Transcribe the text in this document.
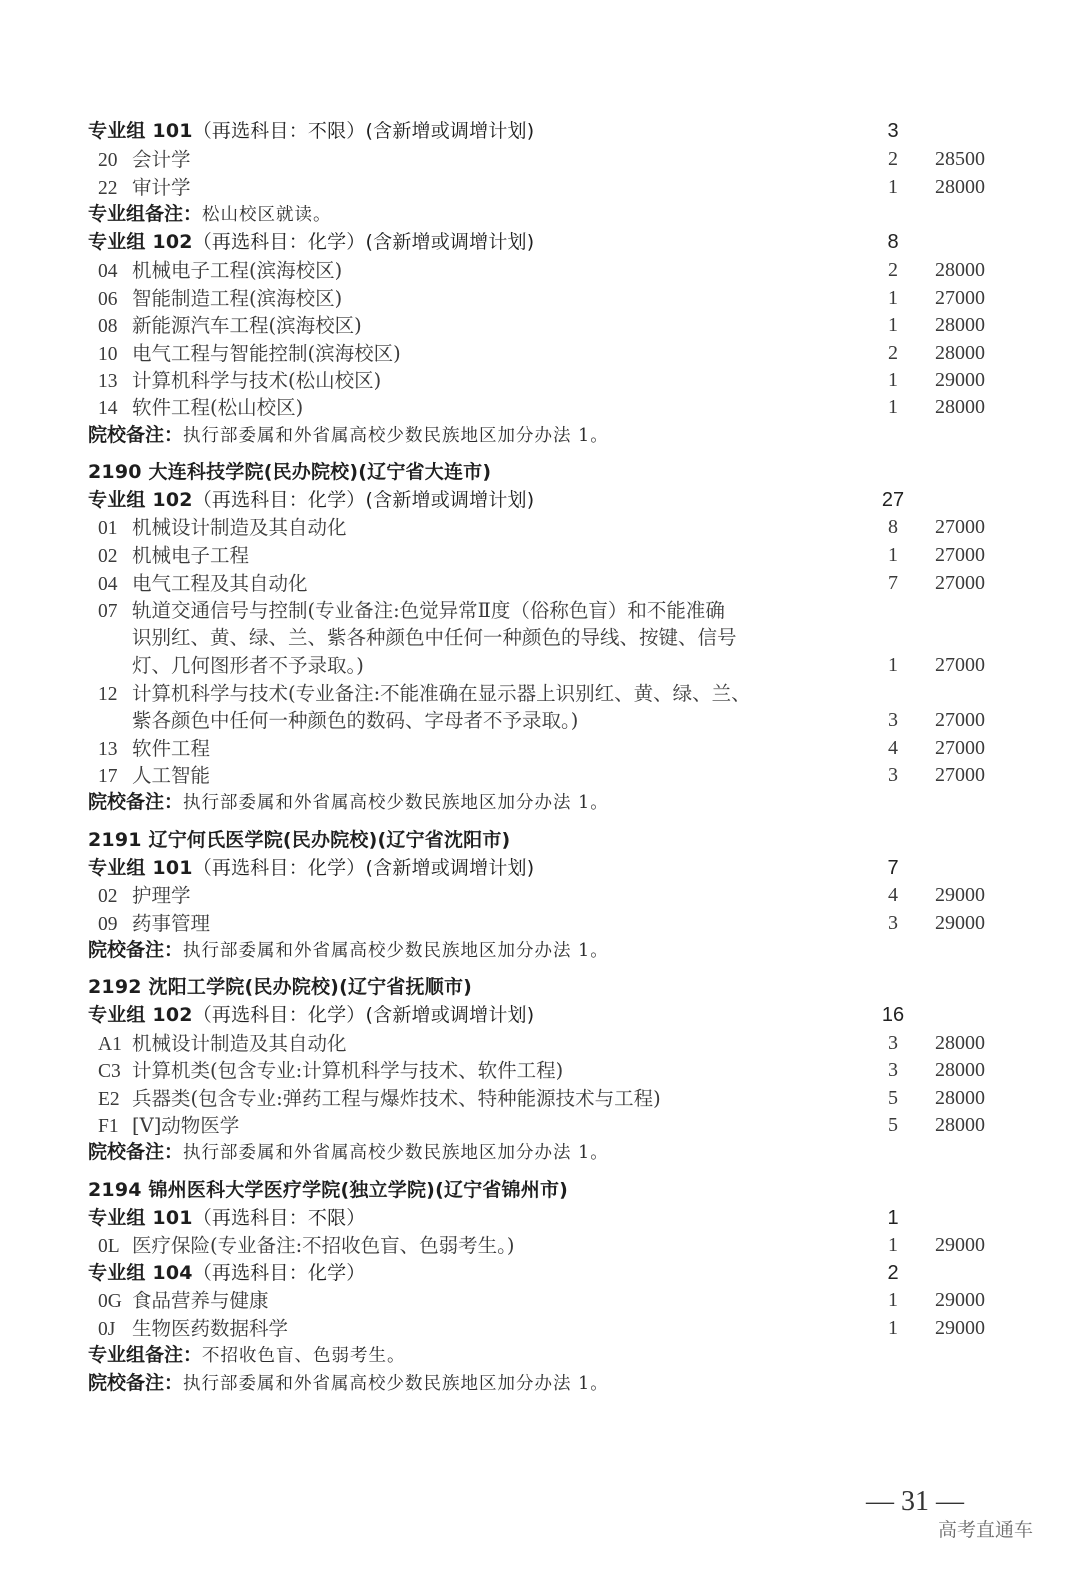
专业组 101（再选科目：不限）(含新增或调增计划)	3
20 会计学	2	28500
22 审计学	1	28000
专业组备注：松山校区就读。
专业组 102（再选科目：化学）(含新增或调增计划)	8
04 机械电子工程(滨海校区)	2	28000
06 智能制造工程(滨海校区)	1	27000
08 新能源汽车工程(滨海校区)	1	28000
10 电气工程与智能控制(滨海校区)	2	28000
13 计算机科学与技术(松山校区)	1	29000
14 软件工程(松山校区)	1	28000
院校备注：执行部委属和外省属高校少数民族地区加分办法 1。
2190 大连科技学院(民办院校)(辽宁省大连市)
专业组 102（再选科目：化学）(含新增或调增计划)	27
01 机械设计制造及其自动化	8	27000
02 机械电子工程	1	27000
04 电气工程及其自动化	7	27000
07 轨道交通信号与控制(专业备注:色觉异常Ⅱ度（俗称色盲）和不能准确
识别红、黄、绿、兰、紫各种颜色中任何一种颜色的导线、按键、信号
灯、几何图形者不予录取。)	1	27000
12 计算机科学与技术(专业备注:不能准确在显示器上识别红、黄、绿、兰、
紫各颜色中任何一种颜色的数码、字母者不予录取。)	3	27000
13 软件工程	4	27000
17 人工智能	3	27000
院校备注：执行部委属和外省属高校少数民族地区加分办法 1。
2191 辽宁何氏医学院(民办院校)(辽宁省沈阳市)
专业组 101（再选科目：化学）(含新增或调增计划)	7
02 护理学	4	29000
09 药事管理	3	29000
院校备注：执行部委属和外省属高校少数民族地区加分办法 1。
2192 沈阳工学院(民办院校)(辽宁省抚顺市)
专业组 102（再选科目：化学）(含新增或调增计划)	16
A1 机械设计制造及其自动化	3	28000
C3 计算机类(包含专业:计算机科学与技术、软件工程)	3	28000
E2 兵器类(包含专业:弹药工程与爆炸技术、特种能源技术与工程)	5	28000
F1 [V]动物医学	5	28000
院校备注：执行部委属和外省属高校少数民族地区加分办法 1。
2194 锦州医科大学医疗学院(独立学院)(辽宁省锦州市)
专业组 101（再选科目：不限）	1
0L 医疗保险(专业备注:不招收色盲、色弱考生。)	1	29000
专业组 104（再选科目：化学）	2
0G 食品营养与健康	1	29000
0J 生物医药数据科学	1	29000
专业组备注：不招收色盲、色弱考生。
院校备注：执行部委属和外省属高校少数民族地区加分办法 1。
— 31 —
高考直通车
